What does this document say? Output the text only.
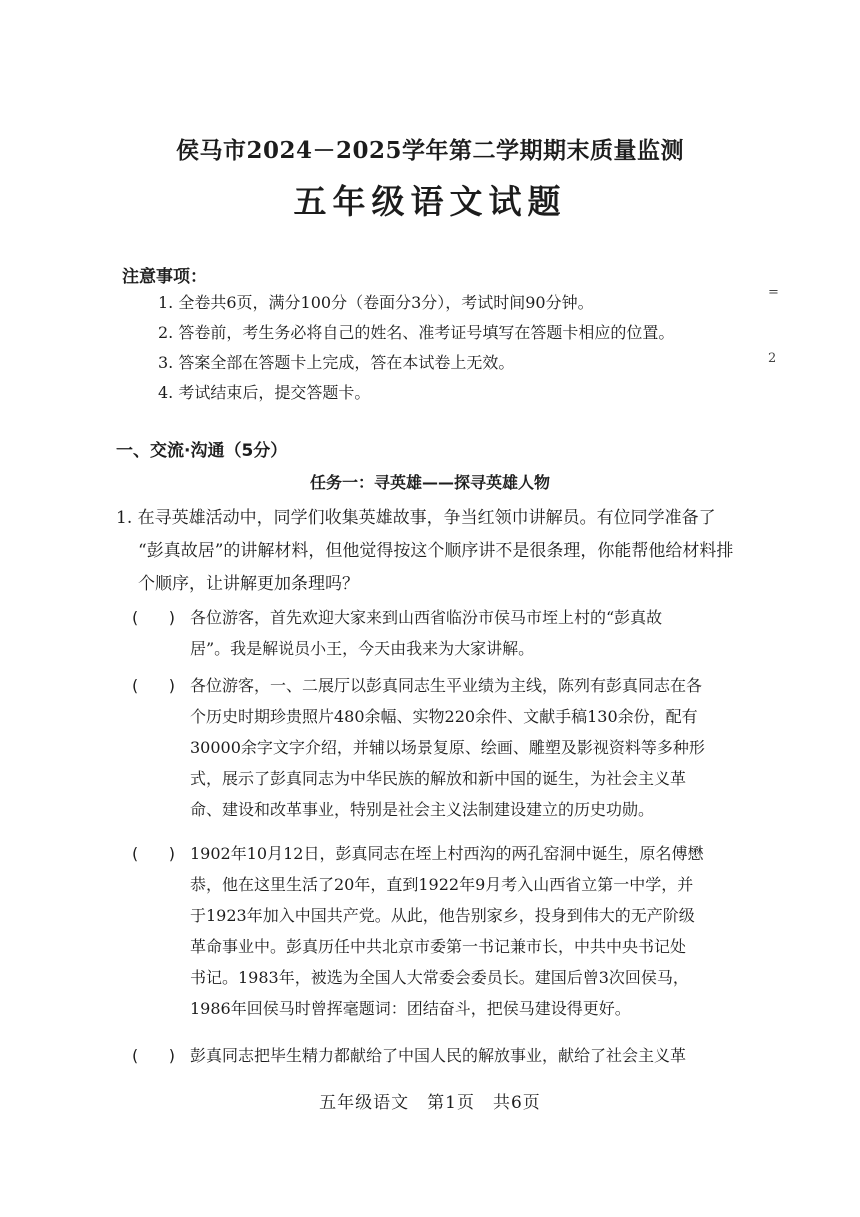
侯马市2024－2025学年第二学期期末质量监测
五年级语文试题
注意事项：
1. 全卷共6页，满分100分（卷面分3分），考试时间90分钟。
2. 答卷前，考生务必将自己的姓名、准考证号填写在答题卡相应的位置。
3. 答案全部在答题卡上完成，答在本试卷上无效。
4. 考试结束后，提交答题卡。
=
2
一、交流·沟通（5分）
任务一：寻英雄——探寻英雄人物
1. 在寻英雄活动中，同学们收集英雄故事，争当红领巾讲解员。有位同学准备了
“彭真故居”的讲解材料，但他觉得按这个顺序讲不是很条理，你能帮他给材料排
个顺序，让讲解更加条理吗？
(      ) 各位游客，首先欢迎大家来到山西省临汾市侯马市垤上村的“彭真故
居”。我是解说员小王，今天由我来为大家讲解。
(      ) 各位游客，一、二展厅以彭真同志生平业绩为主线，陈列有彭真同志在各
个历史时期珍贵照片480余幅、实物220余件、文献手稿130余份，配有
30000余字文字介绍，并辅以场景复原、绘画、雕塑及影视资料等多种形
式，展示了彭真同志为中华民族的解放和新中国的诞生，为社会主义革
命、建设和改革事业，特别是社会主义法制建设建立的历史功勋。
(      ) 1902年10月12日，彭真同志在垤上村西沟的两孔窑洞中诞生，原名傅懋
恭，他在这里生活了20年，直到1922年9月考入山西省立第一中学，并
于1923年加入中国共产党。从此，他告别家乡，投身到伟大的无产阶级
革命事业中。彭真历任中共北京市委第一书记兼市长，中共中央书记处
书记。1983年，被选为全国人大常委会委员长。建国后曾3次回侯马，
1986年回侯马时曾挥毫题词：团结奋斗，把侯马建设得更好。
(      ) 彭真同志把毕生精力都献给了中国人民的解放事业，献给了社会主义革
五年级语文　第1页　共6页
